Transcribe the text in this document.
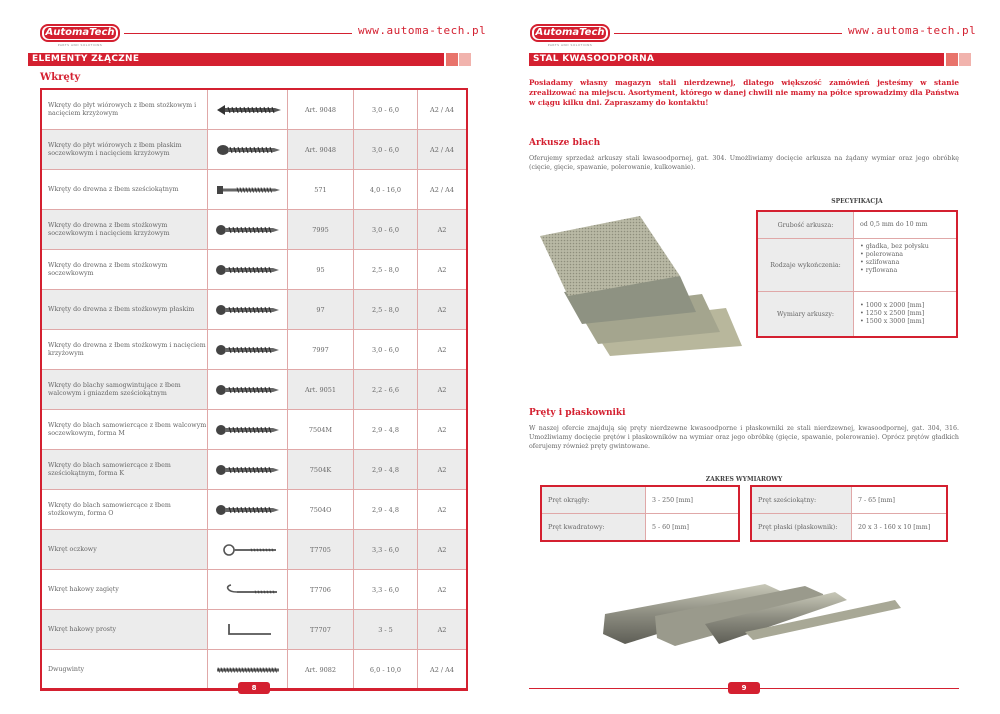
AutomaTech
PARTS AND SOLUTIONS
www.automa-tech.pl
ELEMENTY ZŁĄCZNE
Wkręty
Wkręty do płyt wiórowych z łbem stożkowym i nacięciem krzyżowym	Art. 9048	3,0 - 6,0	A2 / A4
Wkręty do płyt wiórowych z łbem płaskim soczewkowym i nacięciem krzyżowym	Art. 9048	3,0 - 6,0	A2 / A4
Wkręty do drewna z łbem sześciokątnym	571	4,0 - 16,0	A2 / A4
Wkręty do drewna z łbem stożkowym soczewkowym i nacięciem krzyżowym	7995	3,0 - 6,0	A2
Wkręty do drewna z łbem stożkowym soczewkowym	95	2,5 - 8,0	A2
Wkręty do drewna z łbem stożkowym płaskim	97	2,5 - 8,0	A2
Wkręty do drewna z łbem stożkowym i nacięciem krzyżowym	7997	3,0 - 6,0	A2
Wkręty do blachy samogwintujące z łbem walcowym i gniazdem sześciokątnym	Art. 9051	2,2 - 6,6	A2
Wkręty do blach samowiercące z łbem walcowym soczewkowym, forma M	7504M	2,9 - 4,8	A2
Wkręty do blach samowiercące z łbem sześciokątnym, forma K	7504K	2,9 - 4,8	A2
Wkręty do blach samowiercące z łbem stożkowym, forma O	7504O	2,9 - 4,8	A2
Wkręt oczkowy	T7705	3,3 - 6,0	A2
Wkręt hakowy zagięty	T7706	3,3 - 6,0	A2
Wkręt hakowy prosty	T7707	3 - 5	A2
Dwugwinty	Art. 9082	6,0 - 10,0	A2 / A4
8
AutomaTech
PARTS AND SOLUTIONS
www.automa-tech.pl
STAL KWASOODPORNA
Posiadamy własny magazyn stali nierdzewnej, dlatego większość zamówień jesteśmy w stanie zrealizować na miejscu. Asortyment, którego w danej chwili nie mamy na półce sprowadzimy dla Państwa w ciągu kilku dni. Zapraszamy do kontaktu!
Arkusze blach
Oferujemy sprzedaż arkuszy stali kwasoodpornej, gat. 304. Umożliwiamy docięcie arkusza na żądany wymiar oraz jego obróbkę (cięcie, gięcie, spawanie, polerowanie, kulkowanie).
SPECYFIKACJA
Grubość arkusza:	od 0,5 mm do 10 mm
Rodzaje wykończenia:
• gładka, bez połysku
• polerowana
• szlifowana
• ryflowana
Wymiary arkuszy:
• 1000 x 2000 [mm]
• 1250 x 2500 [mm]
• 1500 x 3000 [mm]
Pręty i płaskowniki
W naszej ofercie znajdują się pręty nierdzewne kwasoodporne i płaskowniki ze stali nierdzewnej, kwasoodpornej, gat. 304, 316. Umożliwiamy docięcie prętów i płaskowników na wymiar oraz jego obróbkę (gięcie, spawanie, polerowanie). Oprócz prętów gładkich oferujemy również pręty gwintowane.
ZAKRES WYMIAROWY
Pręt okrągły:	3 - 250 [mm]
Pręt kwadratowy:	5 - 60 [mm]
Pręt sześciokątny:	7 - 65 [mm]
Pręt płaski (płaskownik):	20 x 3 - 160 x 10 [mm]
9
